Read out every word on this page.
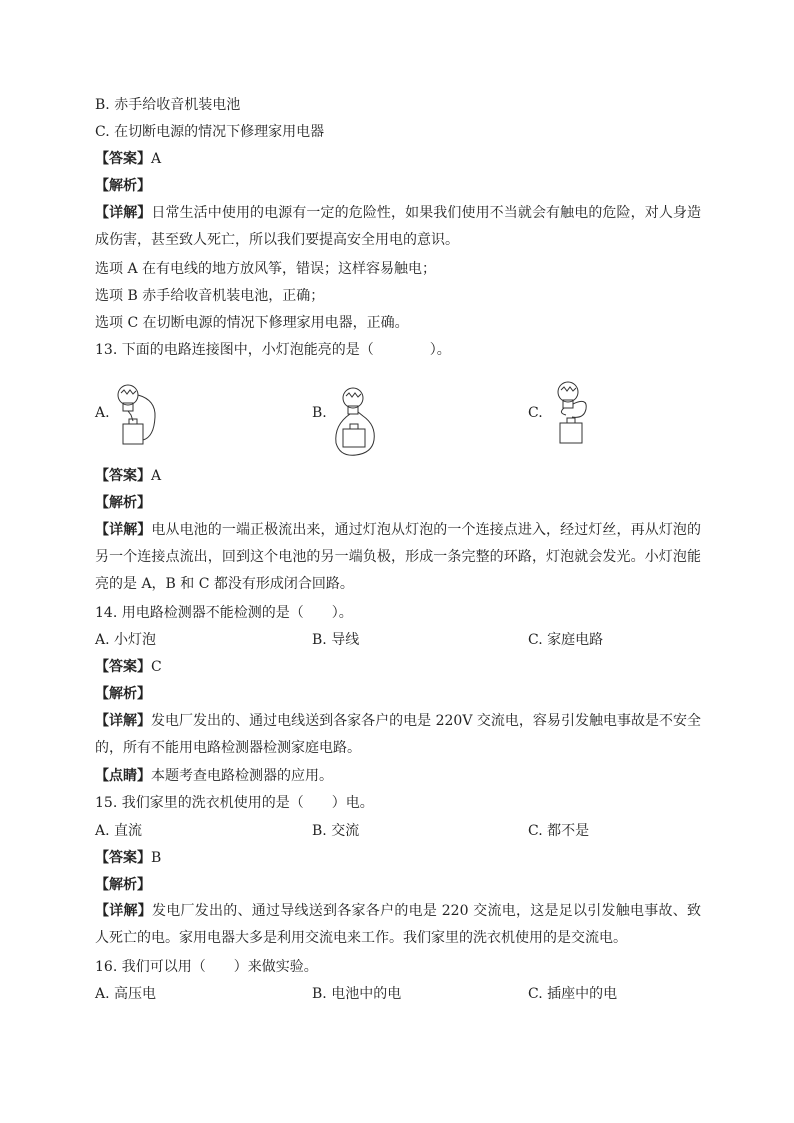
B. 赤手给收音机装电池
C. 在切断电源的情况下修理家用电器
【答案】A
【解析】
【详解】日常生活中使用的电源有一定的危险性，如果我们使用不当就会有触电的危险，对人身造成伤害，甚至致人死亡，所以我们要提高安全用电的意识。
选项 A 在有电线的地方放风筝，错误；这样容易触电；
选项 B 赤手给收音机装电池，正确；
选项 C 在切断电源的情况下修理家用电器，正确。
13. 下面的电路连接图中，小灯泡能亮的是（　　　　）。
A.	B.	C.
【答案】A
【解析】
【详解】电从电池的一端正极流出来，通过灯泡从灯泡的一个连接点进入，经过灯丝，再从灯泡的另一个连接点流出，回到这个电池的另一端负极，形成一条完整的环路，灯泡就会发光。小灯泡能亮的是 A，B 和 C 都没有形成闭合回路。
14. 用电路检测器不能检测的是（　　）。
A. 小灯泡	B. 导线	C. 家庭电路
【答案】C
【解析】
【详解】发电厂发出的、通过电线送到各家各户的电是 220V 交流电，容易引发触电事故是不安全的，所有不能用电路检测器检测家庭电路。
【点睛】本题考查电路检测器的应用。
15. 我们家里的洗衣机使用的是（　　）电。
A. 直流	B. 交流	C. 都不是
【答案】B
【解析】
【详解】发电厂发出的、通过导线送到各家各户的电是 220 交流电，这是足以引发触电事故、致人死亡的电。家用电器大多是利用交流电来工作。我们家里的洗衣机使用的是交流电。
16. 我们可以用（　　）来做实验。
A. 高压电	B. 电池中的电	C. 插座中的电
